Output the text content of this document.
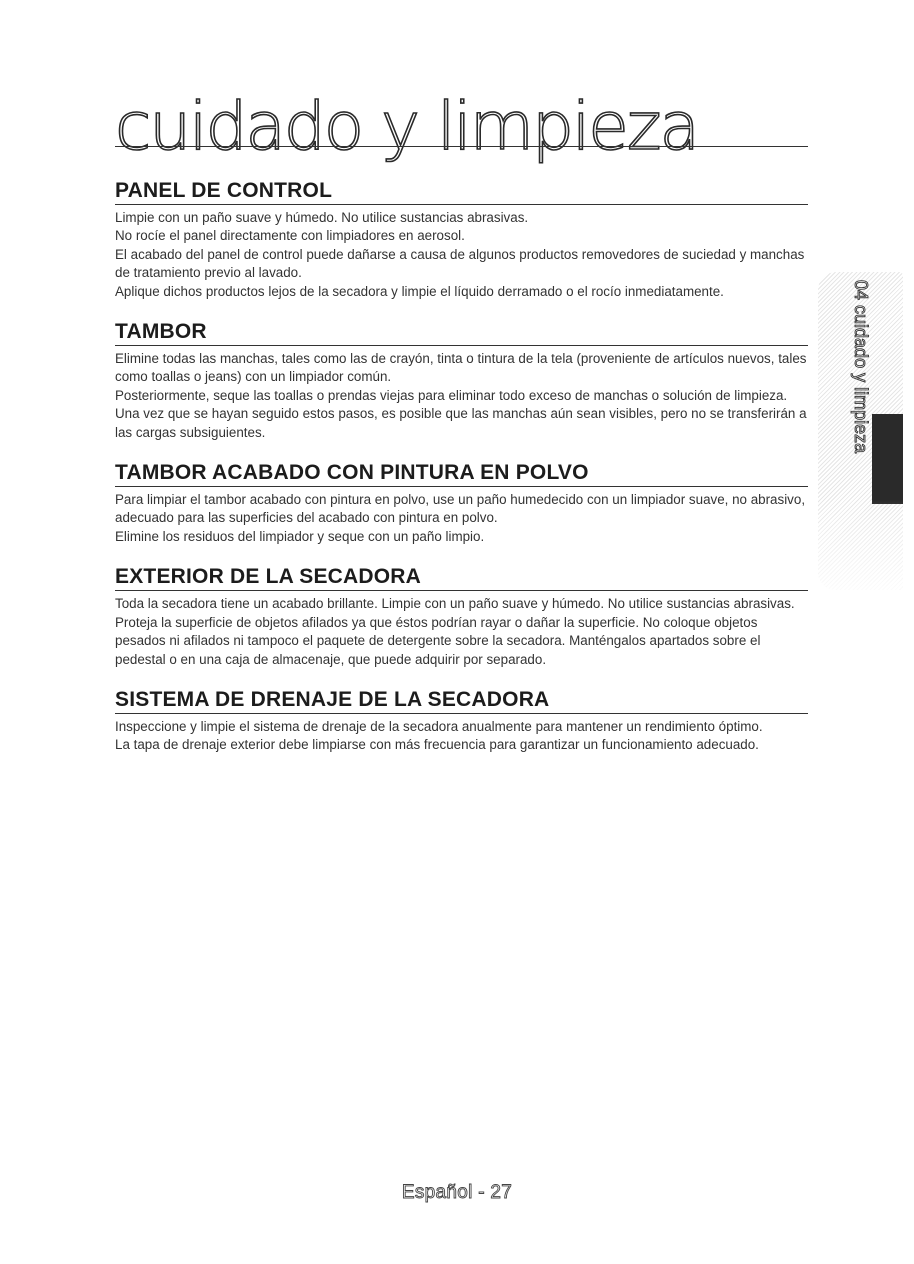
cuidado y limpieza
PANEL DE CONTROL

Limpie con un paño suave y húmedo. No utilice sustancias abrasivas.

No rocíe el panel directamente con limpiadores en aerosol.

El acabado del panel de control puede dañarse a causa de algunos productos removedores de suciedad y manchas de tratamiento previo al lavado.

Aplique dichos productos lejos de la secadora y limpie el líquido derramado o el rocío inmediatamente.

TAMBOR

Elimine todas las manchas, tales como las de crayón, tinta o tintura de la tela (proveniente de artículos nuevos, tales como toallas o jeans) con un limpiador común.

Posteriormente, seque las toallas o prendas viejas para eliminar todo exceso de manchas o solución de limpieza.

Una vez que se hayan seguido estos pasos, es posible que las manchas aún sean visibles, pero no se transferirán a las cargas subsiguientes.

TAMBOR ACABADO CON PINTURA EN POLVO

Para limpiar el tambor acabado con pintura en polvo, use un paño humedecido con un limpiador suave, no abrasivo, adecuado para las superficies del acabado con pintura en polvo.

Elimine los residuos del limpiador y seque con un paño limpio.

EXTERIOR DE LA SECADORA

Toda la secadora tiene un acabado brillante. Limpie con un paño suave y húmedo. No utilice sustancias abrasivas. Proteja la superficie de objetos afilados ya que éstos podrían rayar o dañar la superficie. No coloque objetos pesados ni afilados ni tampoco el paquete de detergente sobre la secadora. Manténgalos apartados sobre el pedestal o en una caja de almacenaje, que puede adquirir por separado.

SISTEMA DE DRENAJE DE LA SECADORA

Inspeccione y limpie el sistema de drenaje de la secadora anualmente para mantener un rendimiento óptimo.

La tapa de drenaje exterior debe limpiarse con más frecuencia para garantizar un funcionamiento adecuado.

04 cuidado y limpieza
Español - 27
